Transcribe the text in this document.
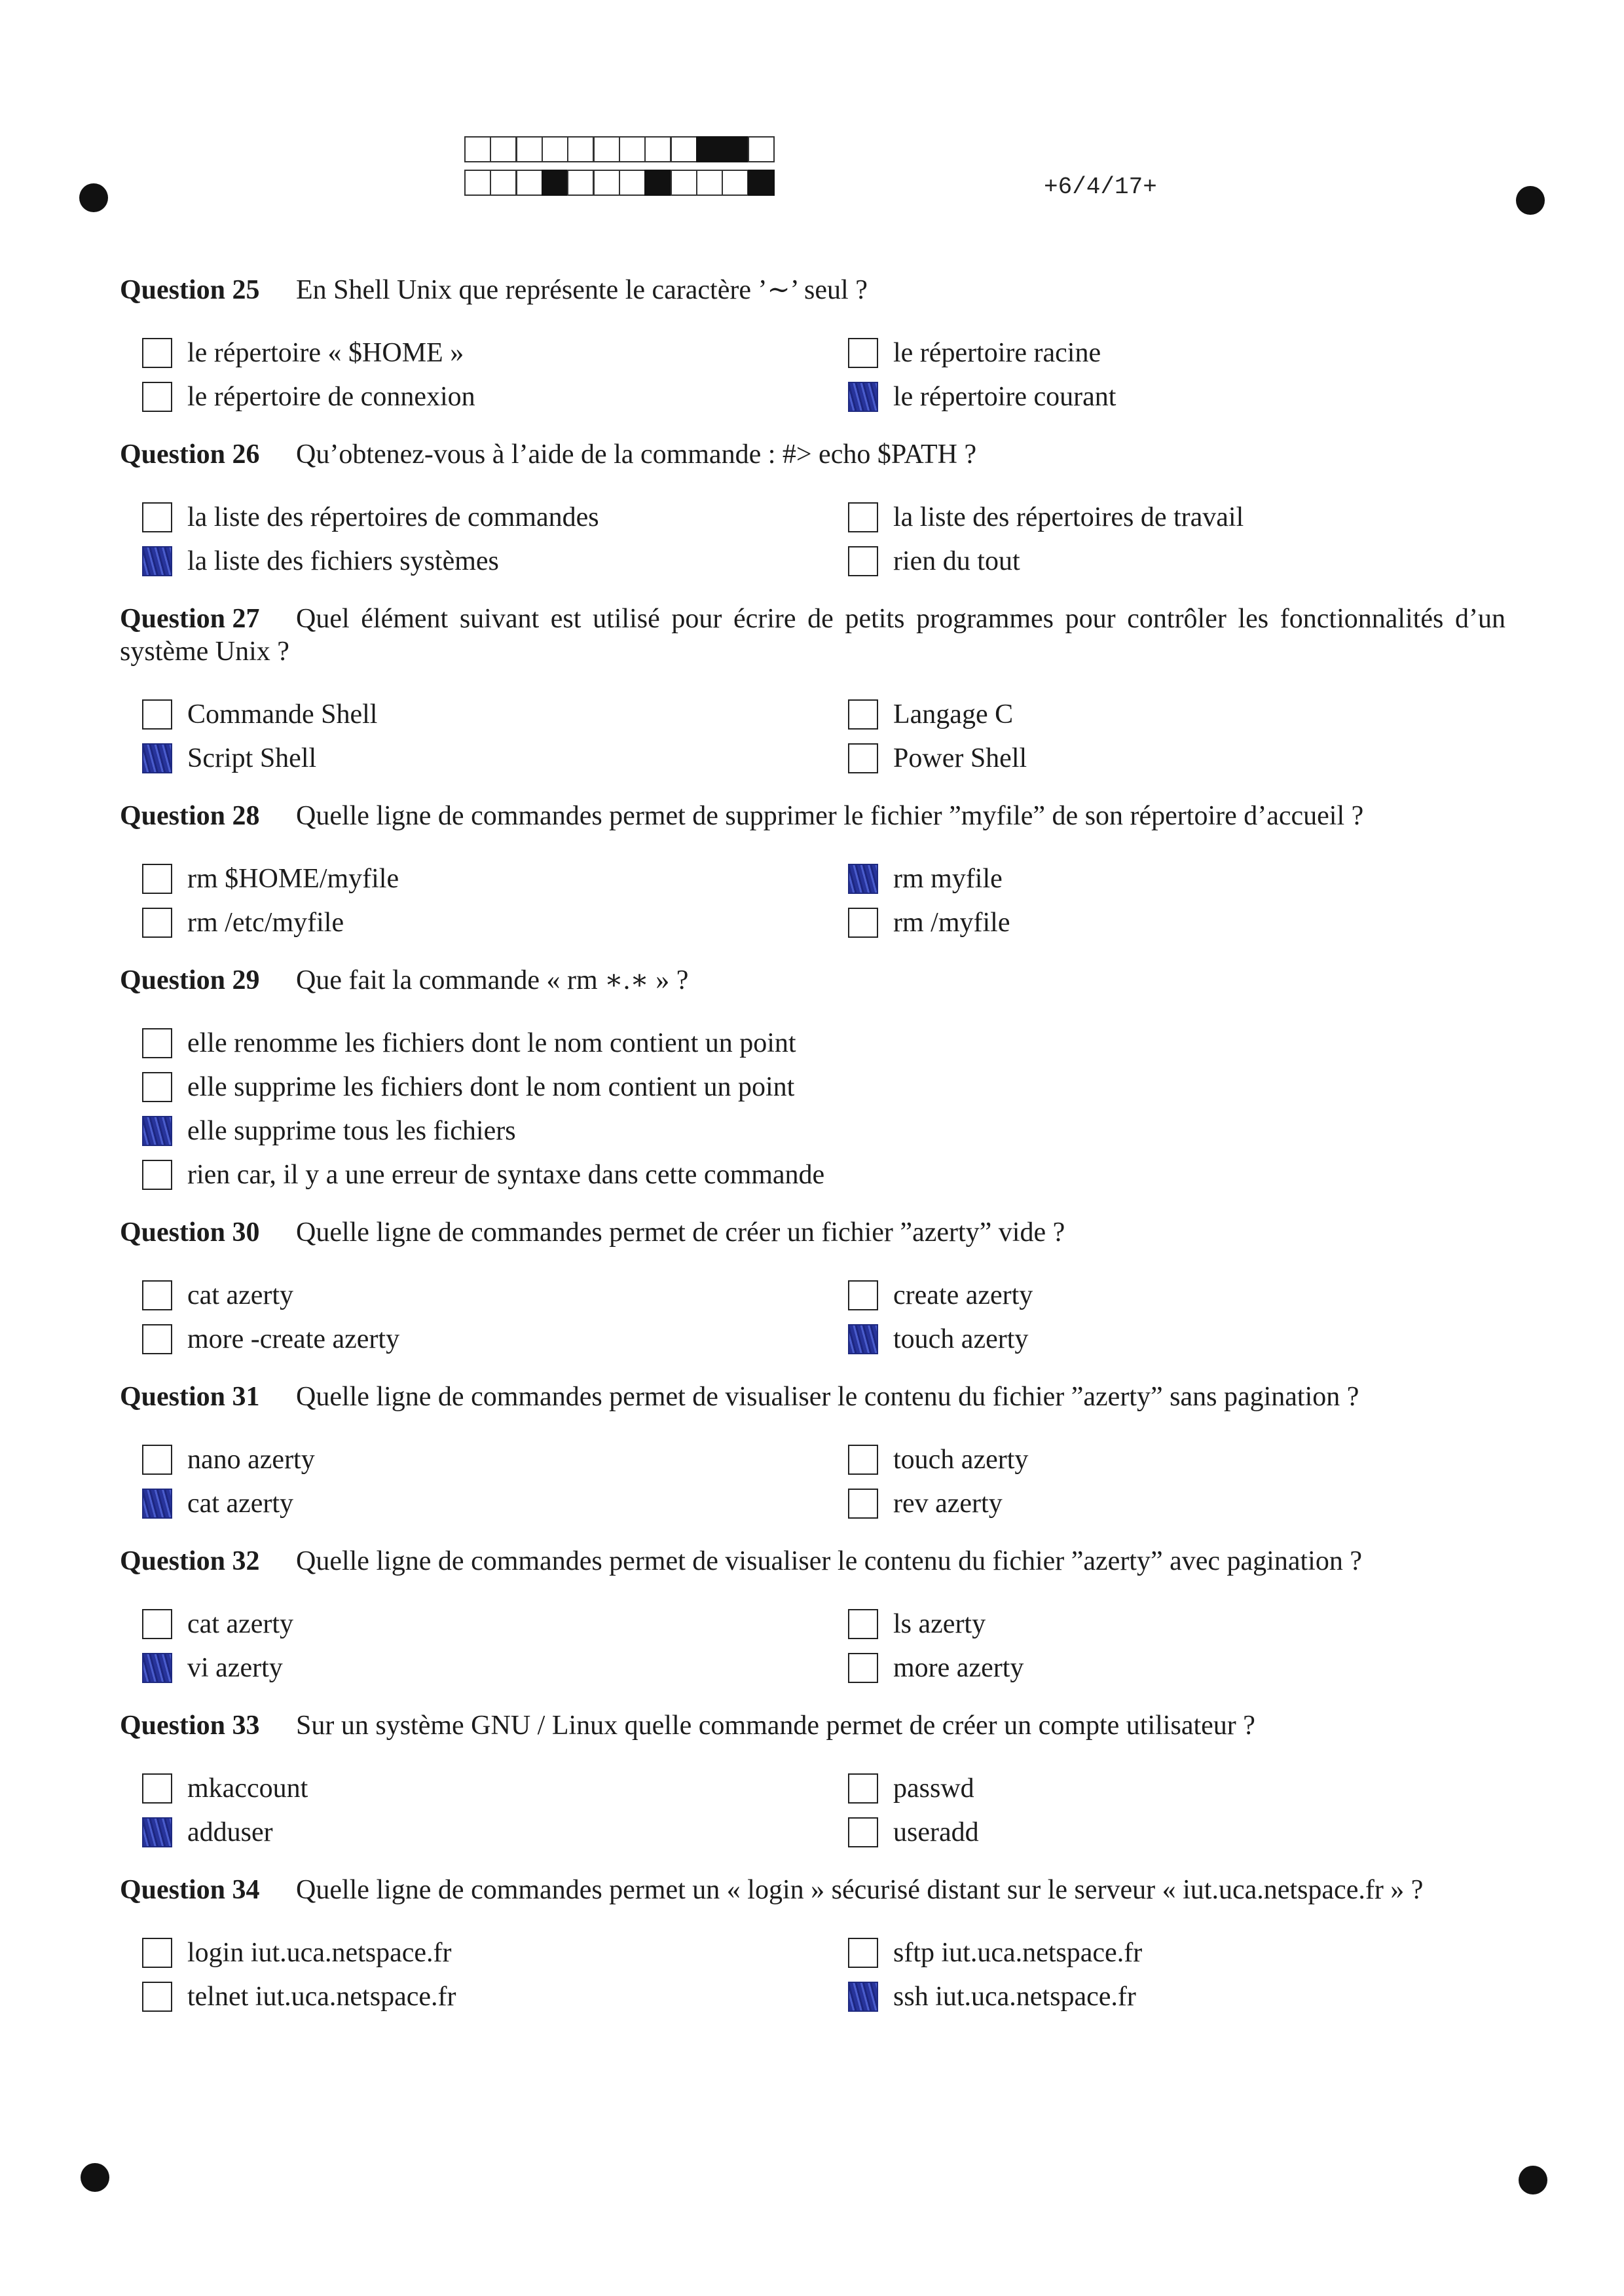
+6/4/17+

Question 25 En Shell Unix que représente le caractère ’∼’ seul ?

le répertoire « $HOME »
le répertoire de connexion
le répertoire racine
le répertoire courant

Question 26 Qu’obtenez-vous à l’aide de la commande : #> echo $PATH ?

la liste des répertoires de commandes
la liste des fichiers systèmes
la liste des répertoires de travail
rien du tout

Question 27 Quel élément suivant est utilisé pour écrire de petits programmes pour contrôler les fonctionnalités d’un système Unix ?

Commande Shell
Script Shell
Langage C
Power Shell

Question 28 Quelle ligne de commandes permet de supprimer le fichier ”myfile” de son répertoire d’accueil ?

rm $HOME/myfile
rm /etc/myfile
rm myfile
rm /myfile

Question 29 Que fait la commande « rm ∗.∗ » ?

elle renomme les fichiers dont le nom contient un point
elle supprime les fichiers dont le nom contient un point
elle supprime tous les fichiers
rien car, il y a une erreur de syntaxe dans cette commande

Question 30 Quelle ligne de commandes permet de créer un fichier ”azerty” vide ?

cat azerty
more -create azerty
create azerty
touch azerty

Question 31 Quelle ligne de commandes permet de visualiser le contenu du fichier ”azerty” sans pagination ?

nano azerty
cat azerty
touch azerty
rev azerty

Question 32 Quelle ligne de commandes permet de visualiser le contenu du fichier ”azerty” avec pagination ?

cat azerty
vi azerty
ls azerty
more azerty

Question 33 Sur un système GNU / Linux quelle commande permet de créer un compte utilisateur ?

mkaccount
adduser
passwd
useradd

Question 34 Quelle ligne de commandes permet un « login » sécurisé distant sur le serveur « iut.uca.netspace.fr » ?

login iut.uca.netspace.fr
telnet iut.uca.netspace.fr
sftp iut.uca.netspace.fr
ssh iut.uca.netspace.fr
